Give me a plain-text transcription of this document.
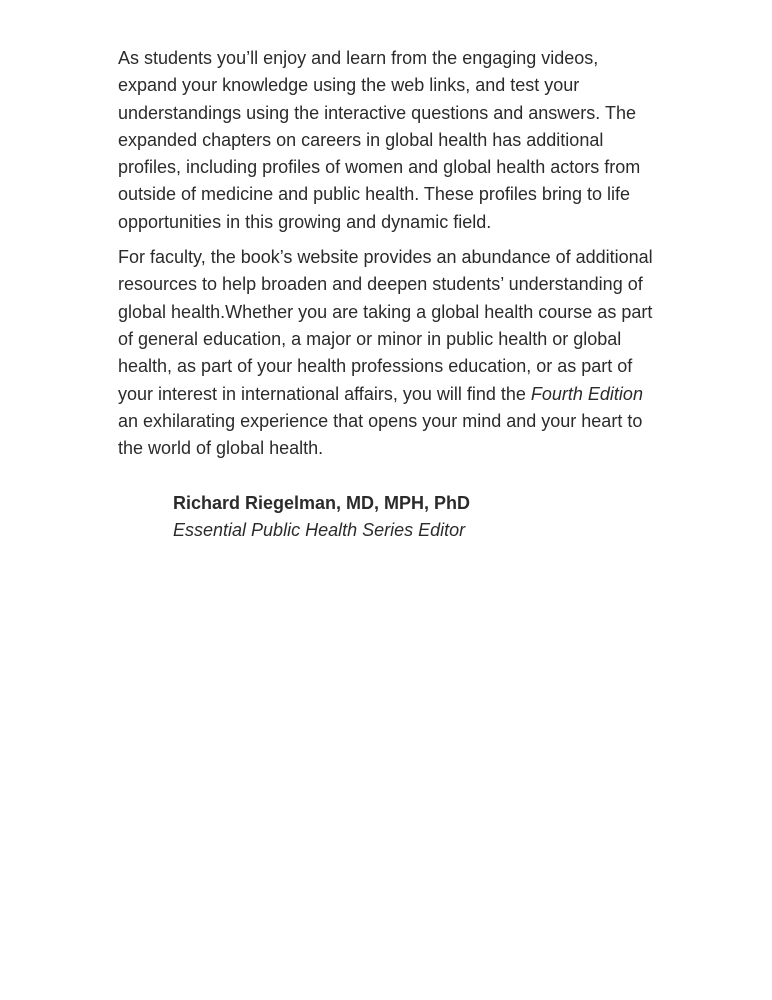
As students you’ll enjoy and learn from the engaging videos, expand your knowledge using the web links, and test your understandings using the interactive questions and answers. The expanded chapters on careers in global health has additional profiles, including profiles of women and global health actors from outside of medicine and public health. These profiles bring to life opportunities in this growing and dynamic field.

For faculty, the book’s website provides an abundance of additional resources to help broaden and deepen students’ understanding of global health.Whether you are taking a global health course as part of general education, a major or minor in public health or global health, as part of your health professions education, or as part of your interest in international affairs, you will find the Fourth Edition an exhilarating experience that opens your mind and your heart to the world of global health.

Richard Riegelman, MD, MPH, PhD

Essential Public Health Series Editor
